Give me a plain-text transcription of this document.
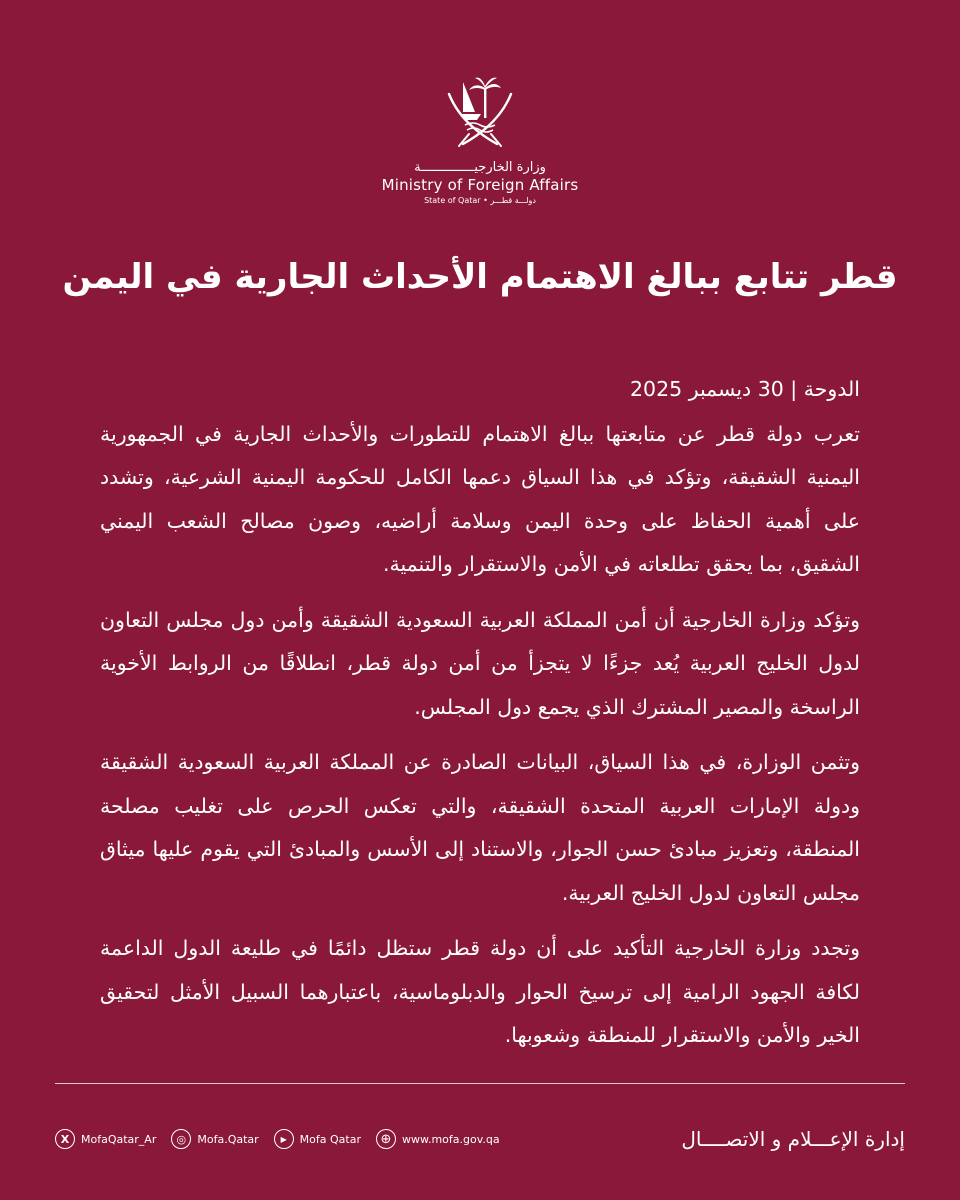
وزارة الخارجيــــــــــــــة
Ministry of Foreign Affairs
State of Qatar • دولـــة قطـــر
قطر تتابع ببالغ الاهتمام الأحداث الجارية في اليمن
الدوحة | 30 ديسمبر 2025

تعرب دولة قطر عن متابعتها ببالغ الاهتمام للتطورات والأحداث الجارية في الجمهورية اليمنية الشقيقة، وتؤكد في هذا السياق دعمها الكامل للحكومة اليمنية الشرعية، وتشدد على أهمية الحفاظ على وحدة اليمن وسلامة أراضيه، وصون مصالح الشعب اليمني الشقيق، بما يحقق تطلعاته في الأمن والاستقرار والتنمية.

وتؤكد وزارة الخارجية أن أمن المملكة العربية السعودية الشقيقة وأمن دول مجلس التعاون لدول الخليج العربية يُعد جزءًا لا يتجزأ من أمن دولة قطر، انطلاقًا من الروابط الأخوية الراسخة والمصير المشترك الذي يجمع دول المجلس.

وتثمن الوزارة، في هذا السياق، البيانات الصادرة عن المملكة العربية السعودية الشقيقة ودولة الإمارات العربية المتحدة الشقيقة، والتي تعكس الحرص على تغليب مصلحة المنطقة، وتعزيز مبادئ حسن الجوار، والاستناد إلى الأسس والمبادئ التي يقوم عليها ميثاق مجلس التعاون لدول الخليج العربية.

وتجدد وزارة الخارجية التأكيد على أن دولة قطر ستظل دائمًا في طليعة الدول الداعمة لكافة الجهود الرامية إلى ترسيخ الحوار والدبلوماسية، باعتبارهما السبيل الأمثل لتحقيق الخير والأمن والاستقرار للمنطقة وشعوبها.

X	MofaQatar_Ar	◎	Mofa.Qatar	▶	Mofa Qatar	⊕ www.mofa.gov.qa	إدارة الإعـــلام و الاتصــــال
